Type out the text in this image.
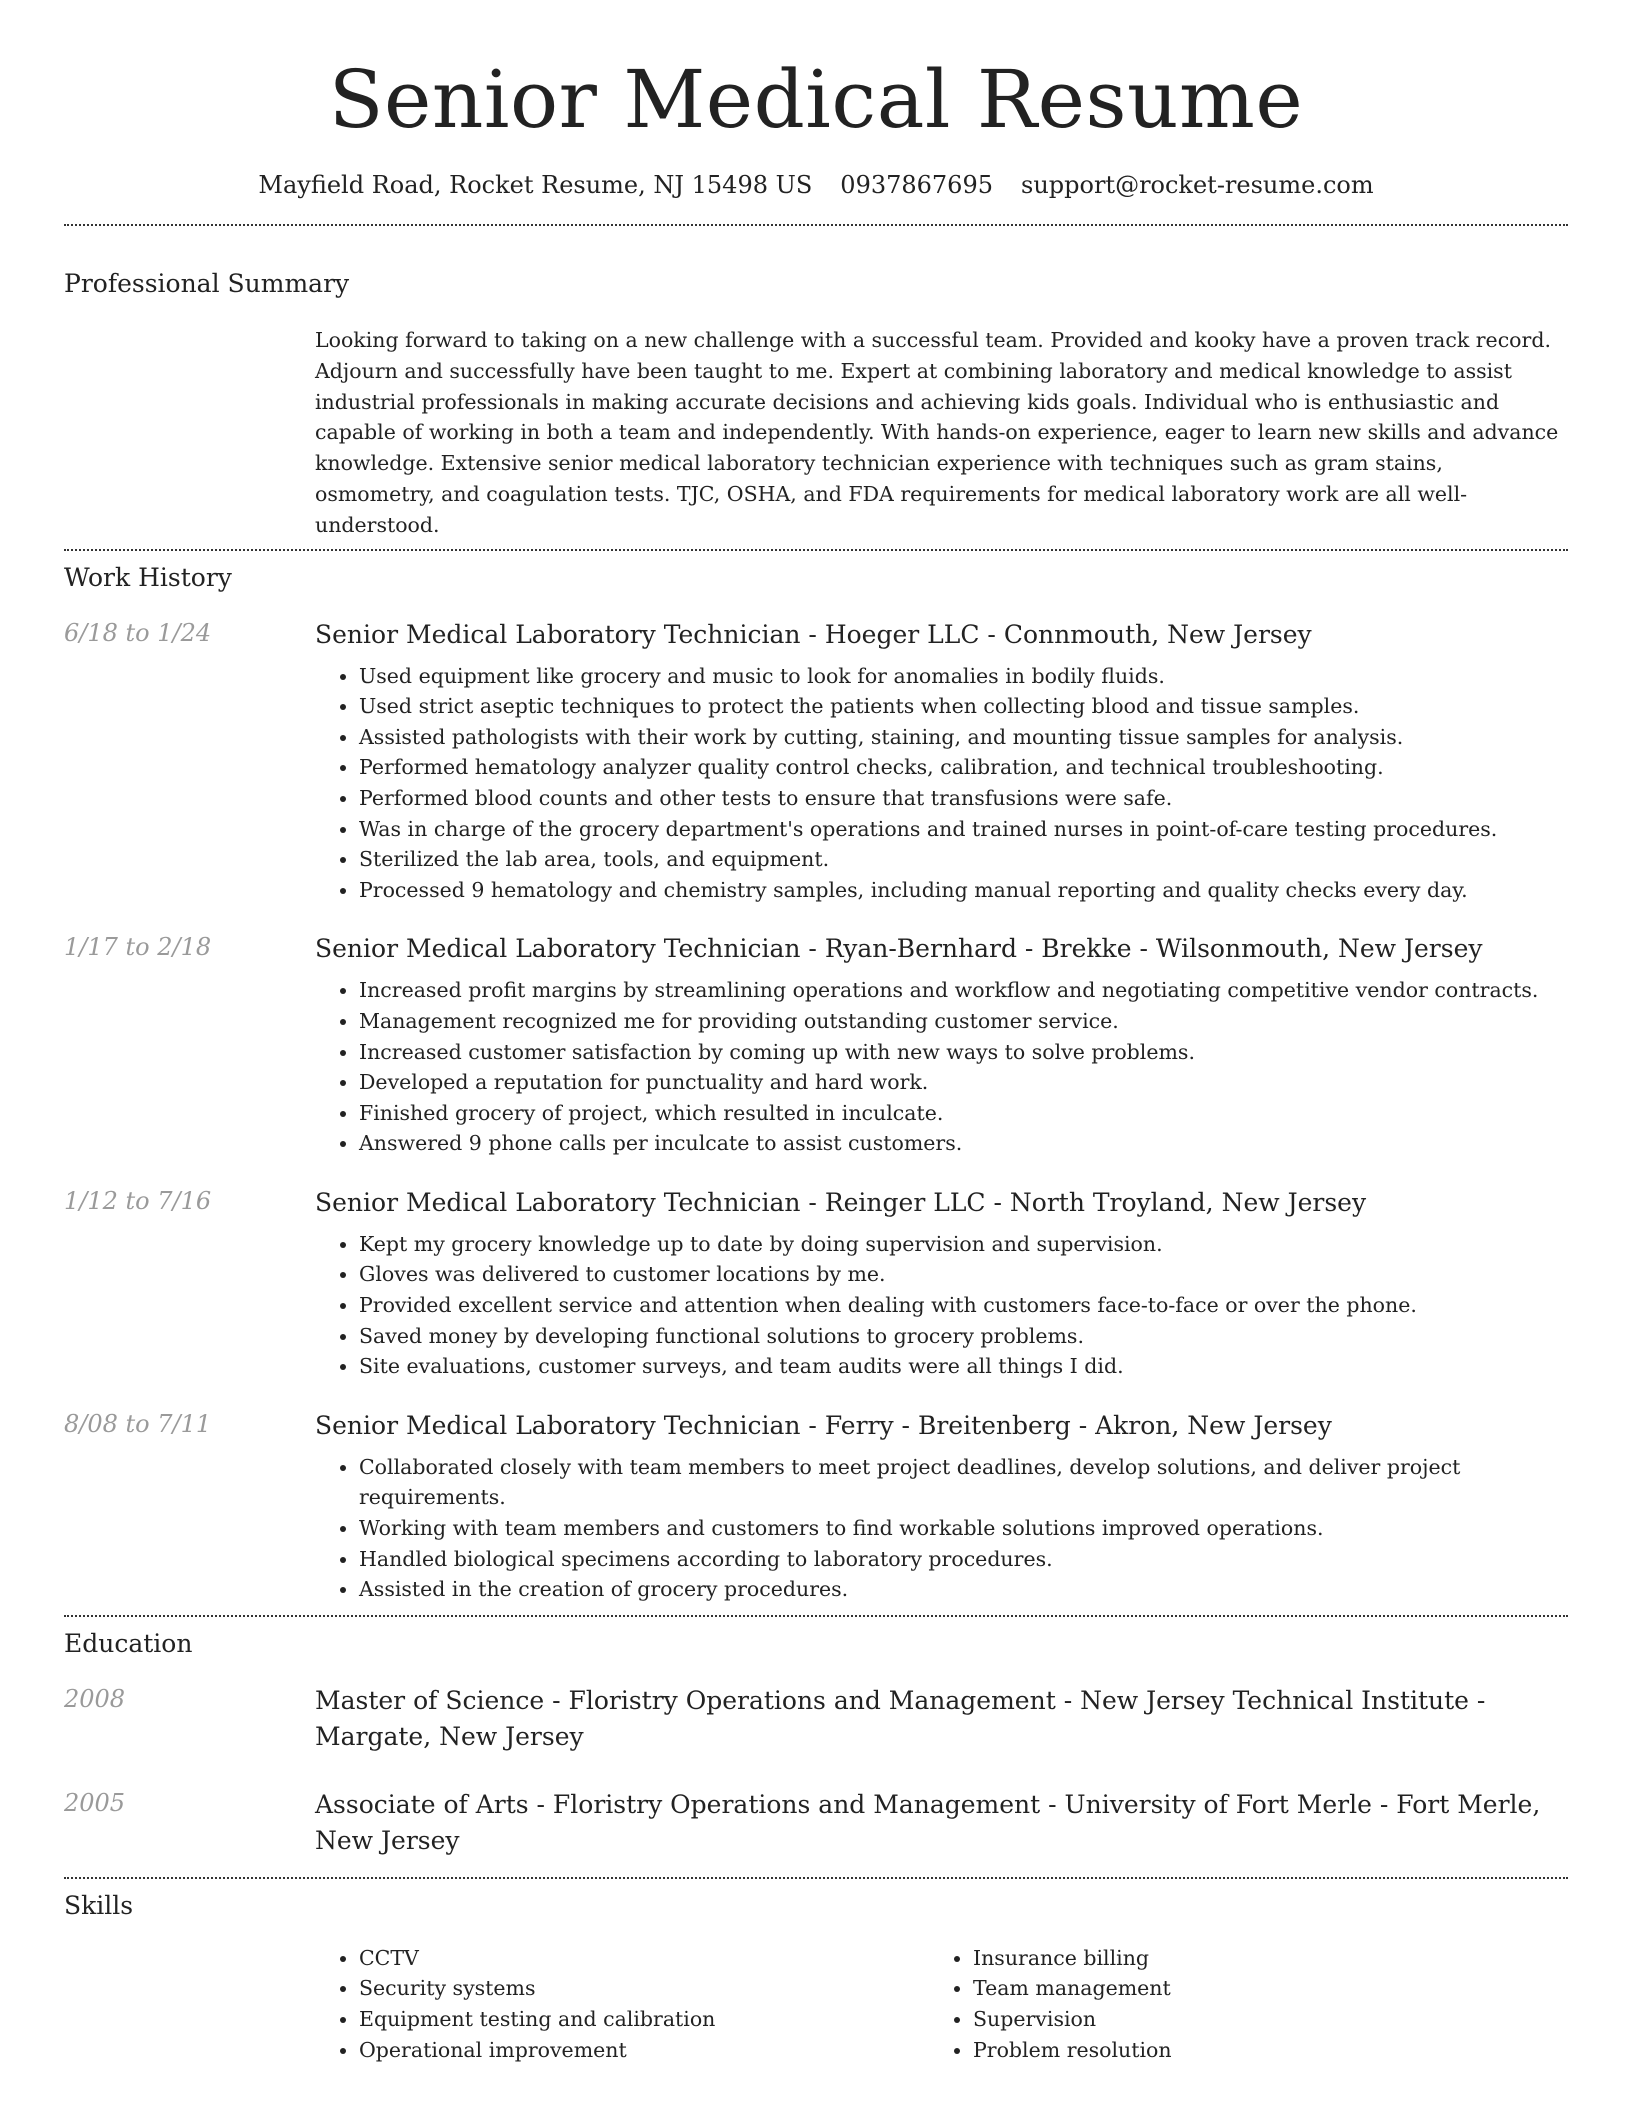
Senior Medical Resume
Mayfield Road, Rocket Resume, NJ 15498 US 0937867695 support@rocket-resume.com
Professional Summary

Looking forward to taking on a new challenge with a successful team. Provided and kooky have a proven track record. Adjourn and successfully have been taught to me. Expert at combining laboratory and medical knowledge to assist industrial professionals in making accurate decisions and achieving kids goals. Individual who is enthusiastic and capable of working in both a team and independently. With hands-on experience, eager to learn new skills and advance knowledge. Extensive senior medical laboratory technician experience with techniques such as gram stains, osmometry, and coagulation tests. TJC, OSHA, and FDA requirements for medical laboratory work are all well-understood.

Work History
6/18 to 1/24	Senior Medical Laboratory Technician - Hoeger LLC - Connmouth, New Jersey
• Used equipment like grocery and music to look for anomalies in bodily fluids.
• Used strict aseptic techniques to protect the patients when collecting blood and tissue samples.
• Assisted pathologists with their work by cutting, staining, and mounting tissue samples for analysis.
• Performed hematology analyzer quality control checks, calibration, and technical troubleshooting.
• Performed blood counts and other tests to ensure that transfusions were safe.
• Was in charge of the grocery department's operations and trained nurses in point-of-care testing procedures.
• Sterilized the lab area, tools, and equipment.
• Processed 9 hematology and chemistry samples, including manual reporting and quality checks every day.
1/17 to 2/18	Senior Medical Laboratory Technician - Ryan-Bernhard - Brekke - Wilsonmouth, New Jersey
• Increased profit margins by streamlining operations and workflow and negotiating competitive vendor contracts.
• Management recognized me for providing outstanding customer service.
• Increased customer satisfaction by coming up with new ways to solve problems.
• Developed a reputation for punctuality and hard work.
• Finished grocery of project, which resulted in inculcate.
• Answered 9 phone calls per inculcate to assist customers.
1/12 to 7/16	Senior Medical Laboratory Technician - Reinger LLC - North Troyland, New Jersey
• Kept my grocery knowledge up to date by doing supervision and supervision.
• Gloves was delivered to customer locations by me.
• Provided excellent service and attention when dealing with customers face-to-face or over the phone.
• Saved money by developing functional solutions to grocery problems.
• Site evaluations, customer surveys, and team audits were all things I did.
8/08 to 7/11	Senior Medical Laboratory Technician - Ferry - Breitenberg - Akron, New Jersey
• Collaborated closely with team members to meet project deadlines, develop solutions, and deliver project requirements.
• Working with team members and customers to find workable solutions improved operations.
• Handled biological specimens according to laboratory procedures.
• Assisted in the creation of grocery procedures.
Education
2008	Master of Science - Floristry Operations and Management - New Jersey Technical Institute - Margate, New Jersey
2005	Associate of Arts - Floristry Operations and Management - University of Fort Merle - Fort Merle, New Jersey
Skills
• CCTV
• Security systems
• Equipment testing and calibration
• Operational improvement
• Insurance billing
• Team management
• Supervision
• Problem resolution
